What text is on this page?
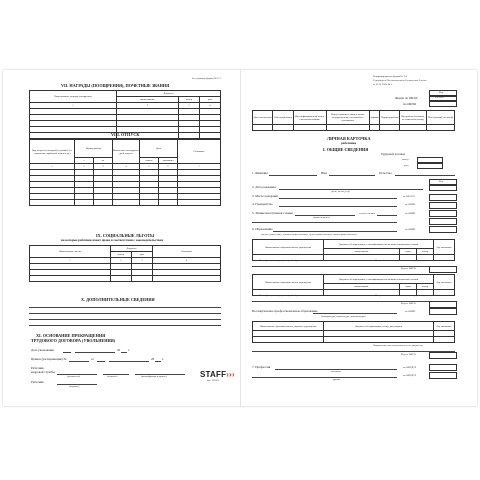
4-я страница формы № Т-2
VII. НАГРАДЫ (ПООЩРЕНИЯ), ПОЧЕТНЫЕ ЗВАНИЯ
Наименование награды (поощрения)	Документ		
	наименование	номер	дата
1	2	3	4

VIII. ОТПУСК
Вид отпуска (ежегодный, учебный, без сохранения заработной платы и др.)	Период работы		Количество календарных дней отпуска	Дата		Основание
	с	по		начала	окончания	
1	2	3	4	5	6	7

IX. СОЦИАЛЬНЫЕ ЛЬГОТЫ
на которые работник имеет право в соответствии с законодательством
Наименование льготы	Документ		Основание
	номер	дата	
1	2	3	4

X. ДОПОЛНИТЕЛЬНЫЕ СВЕДЕНИЯ
XI. ОСНОВАНИЕ ПРЕКРАЩЕНИЯ
ТРУДОВОГО ДОГОВОРА (УВОЛЬНЕНИЯ)
Дата увольнения	20 г.
Приказ (распоряжение) №	от	20 г.
Работник
кадровой службы
(должность)	(подпись)	(расшифровка подписи)
Работник
(подпись)
STAFF›››
арт. 130203
Унифицированная форма № Т-2
Утверждена Постановлением Госкомстата России
от 05.01.2004 № 1
Код
Форма по ОКУД	0301002
по ОКПО
Дата составления	Табельный номер	Идентификационный номер налогоплательщика	Номер страхового свидетельства государственного пенсионного страхования	Алфавит	Характер работы	Вид работы (основная, по совместительству)	Пол (мужской, женский)

ЛИЧНАЯ КАРТОЧКА
работника
I. ОБЩИЕ СВЕДЕНИЯ
Трудовой договор
номер
дата
1. Фамилия	Имя	Отчество
Код
2. Дата рождения
(день, месяц, год)
3. Место рождения	по ОКАТО
4. Гражданство	по ОКИН
5. Знание иностранного языка	степень знания	по ОКИН
(наименование)
6. Образование	по ОКИН
(среднее (полное) общее, начальное профессиональное, среднее профессиональное, высшее профессиональное)
Наименование образовательного учреждения	Документ об образовании, о квалификации или наличии специальных знаний			Год окончания
	наименование	серия	номер	

Квалификация по документу об образовании	Направление или специальность по документу
Код по ОКСО
Наименование образовательного учреждения	Документ об образовании, о квалификации или наличии специальных знаний			Год окончания
	наименование	серия	номер	

Квалификация по документу об образовании	Направление или специальность по документу
Код по ОКСО
Послевузовское профессиональное образование	по ОКИН
(аспирантура, адъюнктура, докторантура)
Наименование образовательного, научного учреждения	Документ об образовании, номер, дата выдачи	Год окончания

Направление или специальность по документу
Код по ОКСО
7. Профессия
основная
по ОКПДТР
другая
по ОКПДТР
